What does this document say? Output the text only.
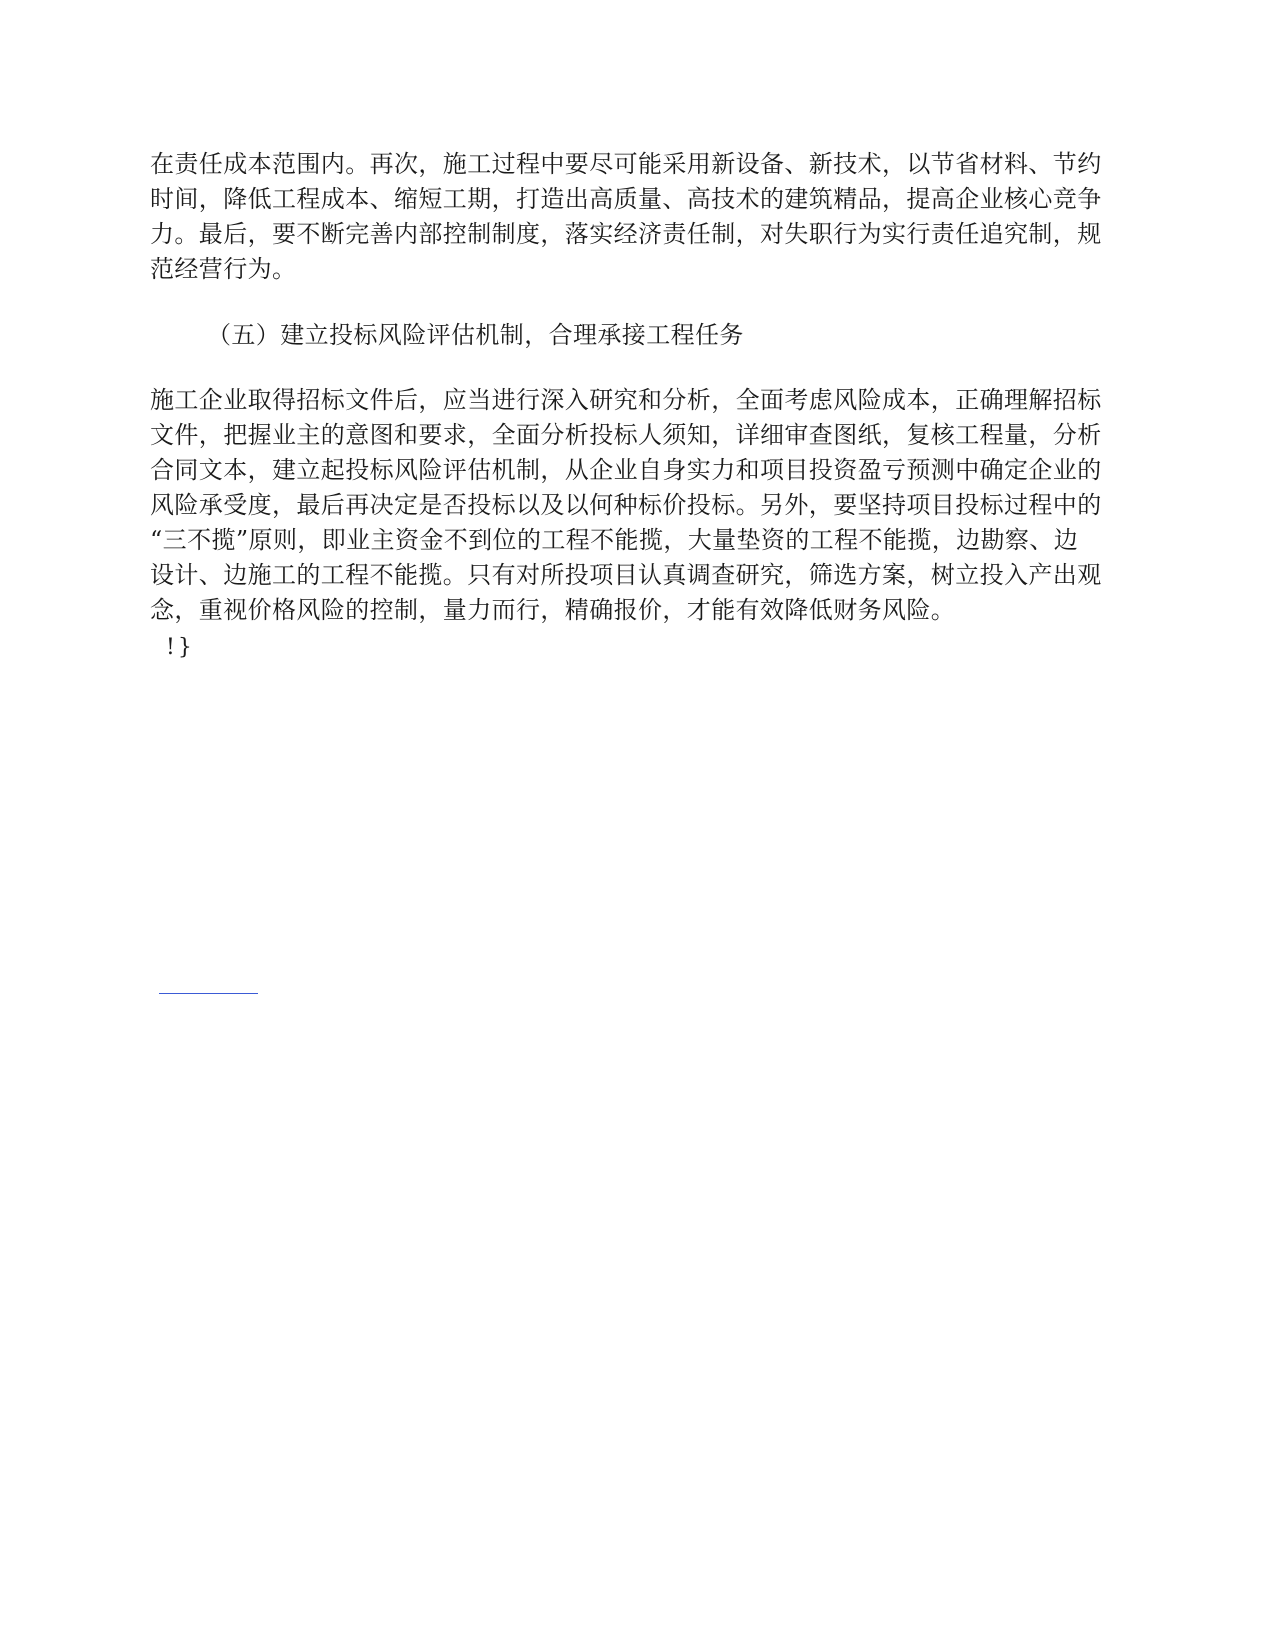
在责任成本范围内。再次，施工过程中要尽可能采用新设备、新技术，以节省材料、节约
时间，降低工程成本、缩短工期，打造出高质量、高技术的建筑精品，提高企业核心竞争
力。最后，要不断完善内部控制制度，落实经济责任制，对失职行为实行责任追究制，规
范经营行为。

（五）建立投标风险评估机制，合理承接工程任务

施工企业取得招标文件后，应当进行深入研究和分析，全面考虑风险成本，正确理解招标
文件，把握业主的意图和要求，全面分析投标人须知，详细审查图纸，复核工程量，分析
合同文本，建立起投标风险评估机制，从企业自身实力和项目投资盈亏预测中确定企业的
风险承受度，最后再决定是否投标以及以何种标价投标。另外，要坚持项目投标过程中的
“三不揽”原则，即业主资金不到位的工程不能揽，大量垫资的工程不能揽，边勘察、边
设计、边施工的工程不能揽。只有对所投项目认真调查研究，筛选方案，树立投入产出观
念，重视价格风险的控制，量力而行，精确报价，才能有效降低财务风险。

!}
